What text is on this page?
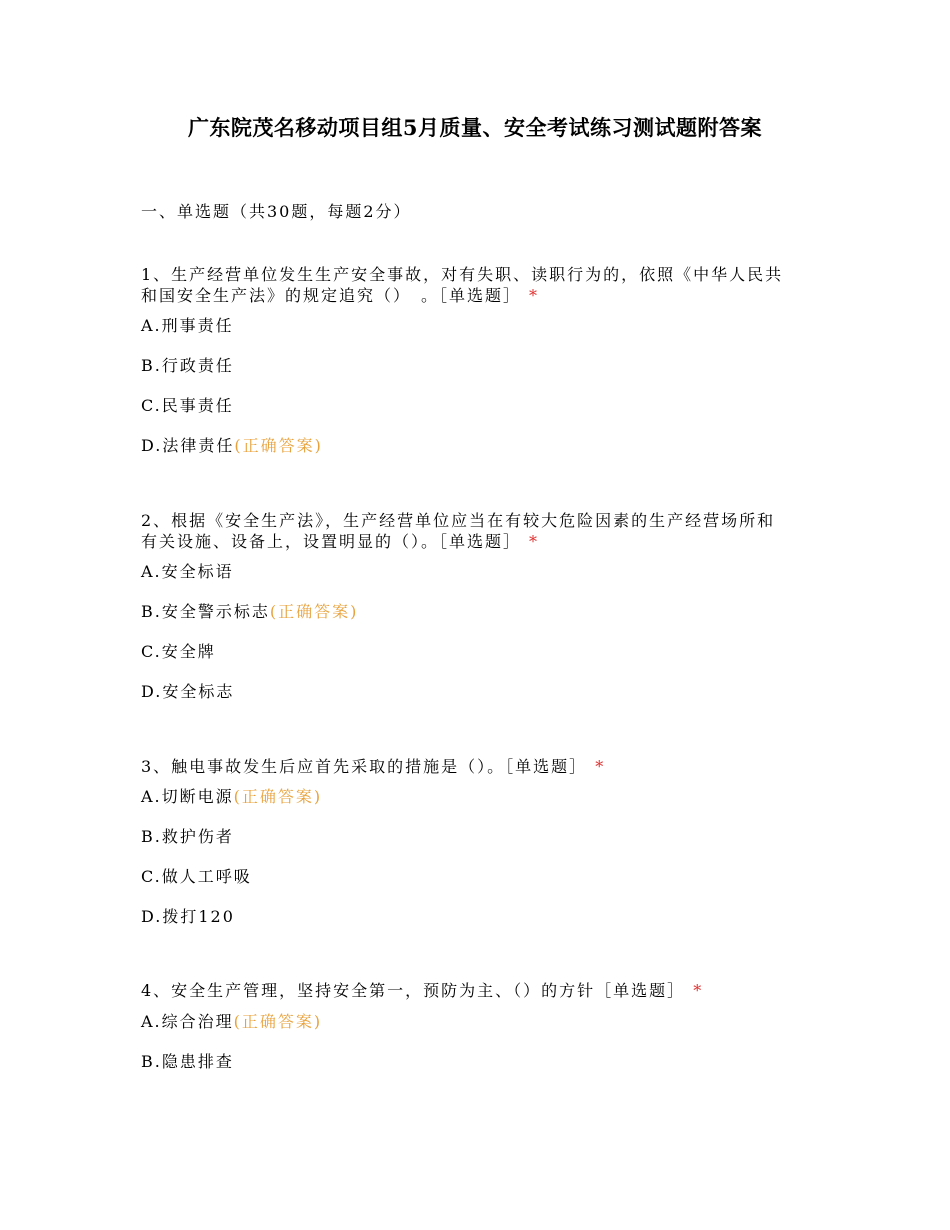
广东院茂名移动项目组5月质量、安全考试练习测试题附答案
一、单选题（共30题，每题2分）
1、生产经营单位发生生产安全事故，对有失职、读职行为的，依照《中华人民共
和国安全生产法》的规定追究（）　。［单选题］ *
A.刑事责任
B.行政责任
C.民事责任
D.法律责任(正确答案)
2、根据《安全生产法》，生产经营单位应当在有较大危险因素的生产经营场所和
有关设施、设备上，设置明显的（）。［单选题］ *
A.安全标语
B.安全警示标志(正确答案)
C.安全牌
D.安全标志
3、触电事故发生后应首先采取的措施是（）。［单选题］ *
A.切断电源(正确答案)
B.救护伤者
C.做人工呼吸
D.拨打120
4、安全生产管理，坚持安全第一，预防为主、（）的方针［单选题］ *
A.综合治理(正确答案)
B.隐患排查
